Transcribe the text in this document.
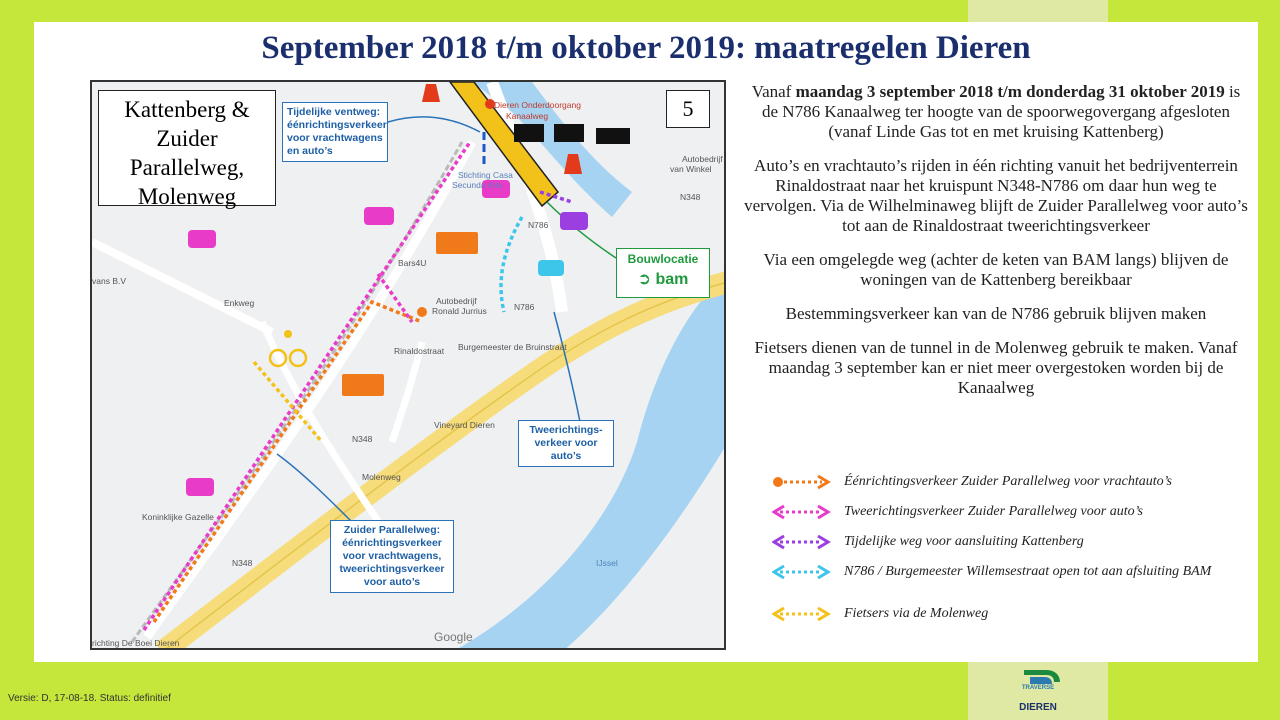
September 2018 t/m oktober 2019: maatregelen Dieren
Kattenberg &
Zuider
Parallelweg,
Molenweg
5
Tijdelijke ventweg:
éénrichtingsverkeer
voor vrachtwagens
en auto’s
Tweerichtings-
verkeer voor
auto’s
Zuider Parallelweg:
éénrichtingsverkeer
voor vrachtwagens,
tweerichtingsverkeer
voor auto’s
Bouwlocatie
➲ bam
Dieren Onderdoorgang
Kanaalweg
Stichting Casa
Secunda Arts
Autobedrijf
van Winkel
Bars4U
Autobedrijf
Ronald Jurrius
Rinaldostraat Burgemeester de Bruinstraat
Vineyard Dieren
Koninklijke Gazelle
vans B.V
Enkweg
Molenweg
N348
N348
N348
N786
N786
IJssel
richting De Boei Dieren	Google

Vanaf maandag 3 september 2018 t/m donderdag 31 oktober 2019 is de N786 Kanaalweg ter hoogte van de spoorwegovergang afgesloten (vanaf Linde Gas tot en met kruising Kattenberg)

Auto’s en vrachtauto’s rijden in één richting vanuit het bedrijventerrein Rinaldostraat naar het kruispunt N348-N786 om daar hun weg te vervolgen. Via de Wilhelminaweg blijft de Zuider Parallelweg voor auto’s tot aan de Rinaldostraat tweerichtingsverkeer

Via een omgelegde weg (achter de keten van BAM langs) blijven de woningen van de Kattenberg bereikbaar

Bestemmingsverkeer kan van de N786 gebruik blijven maken

Fietsers dienen van de tunnel in de Molenweg gebruik te maken. Vanaf maandag 3 september kan er niet meer overgestoken worden bij de Kanaalweg

Éénrichtingsverkeer Zuider Parallelweg voor vrachtauto’s
Tweerichtingsverkeer Zuider Parallelweg voor auto’s
Tijdelijke weg voor aansluiting Kattenberg
N786 / Burgemeester Willemsestraat open tot aan afsluiting BAM
Fietsers via de Molenweg
Versie: D, 17-08-18. Status: definitief
TRAVERSE
DIEREN
